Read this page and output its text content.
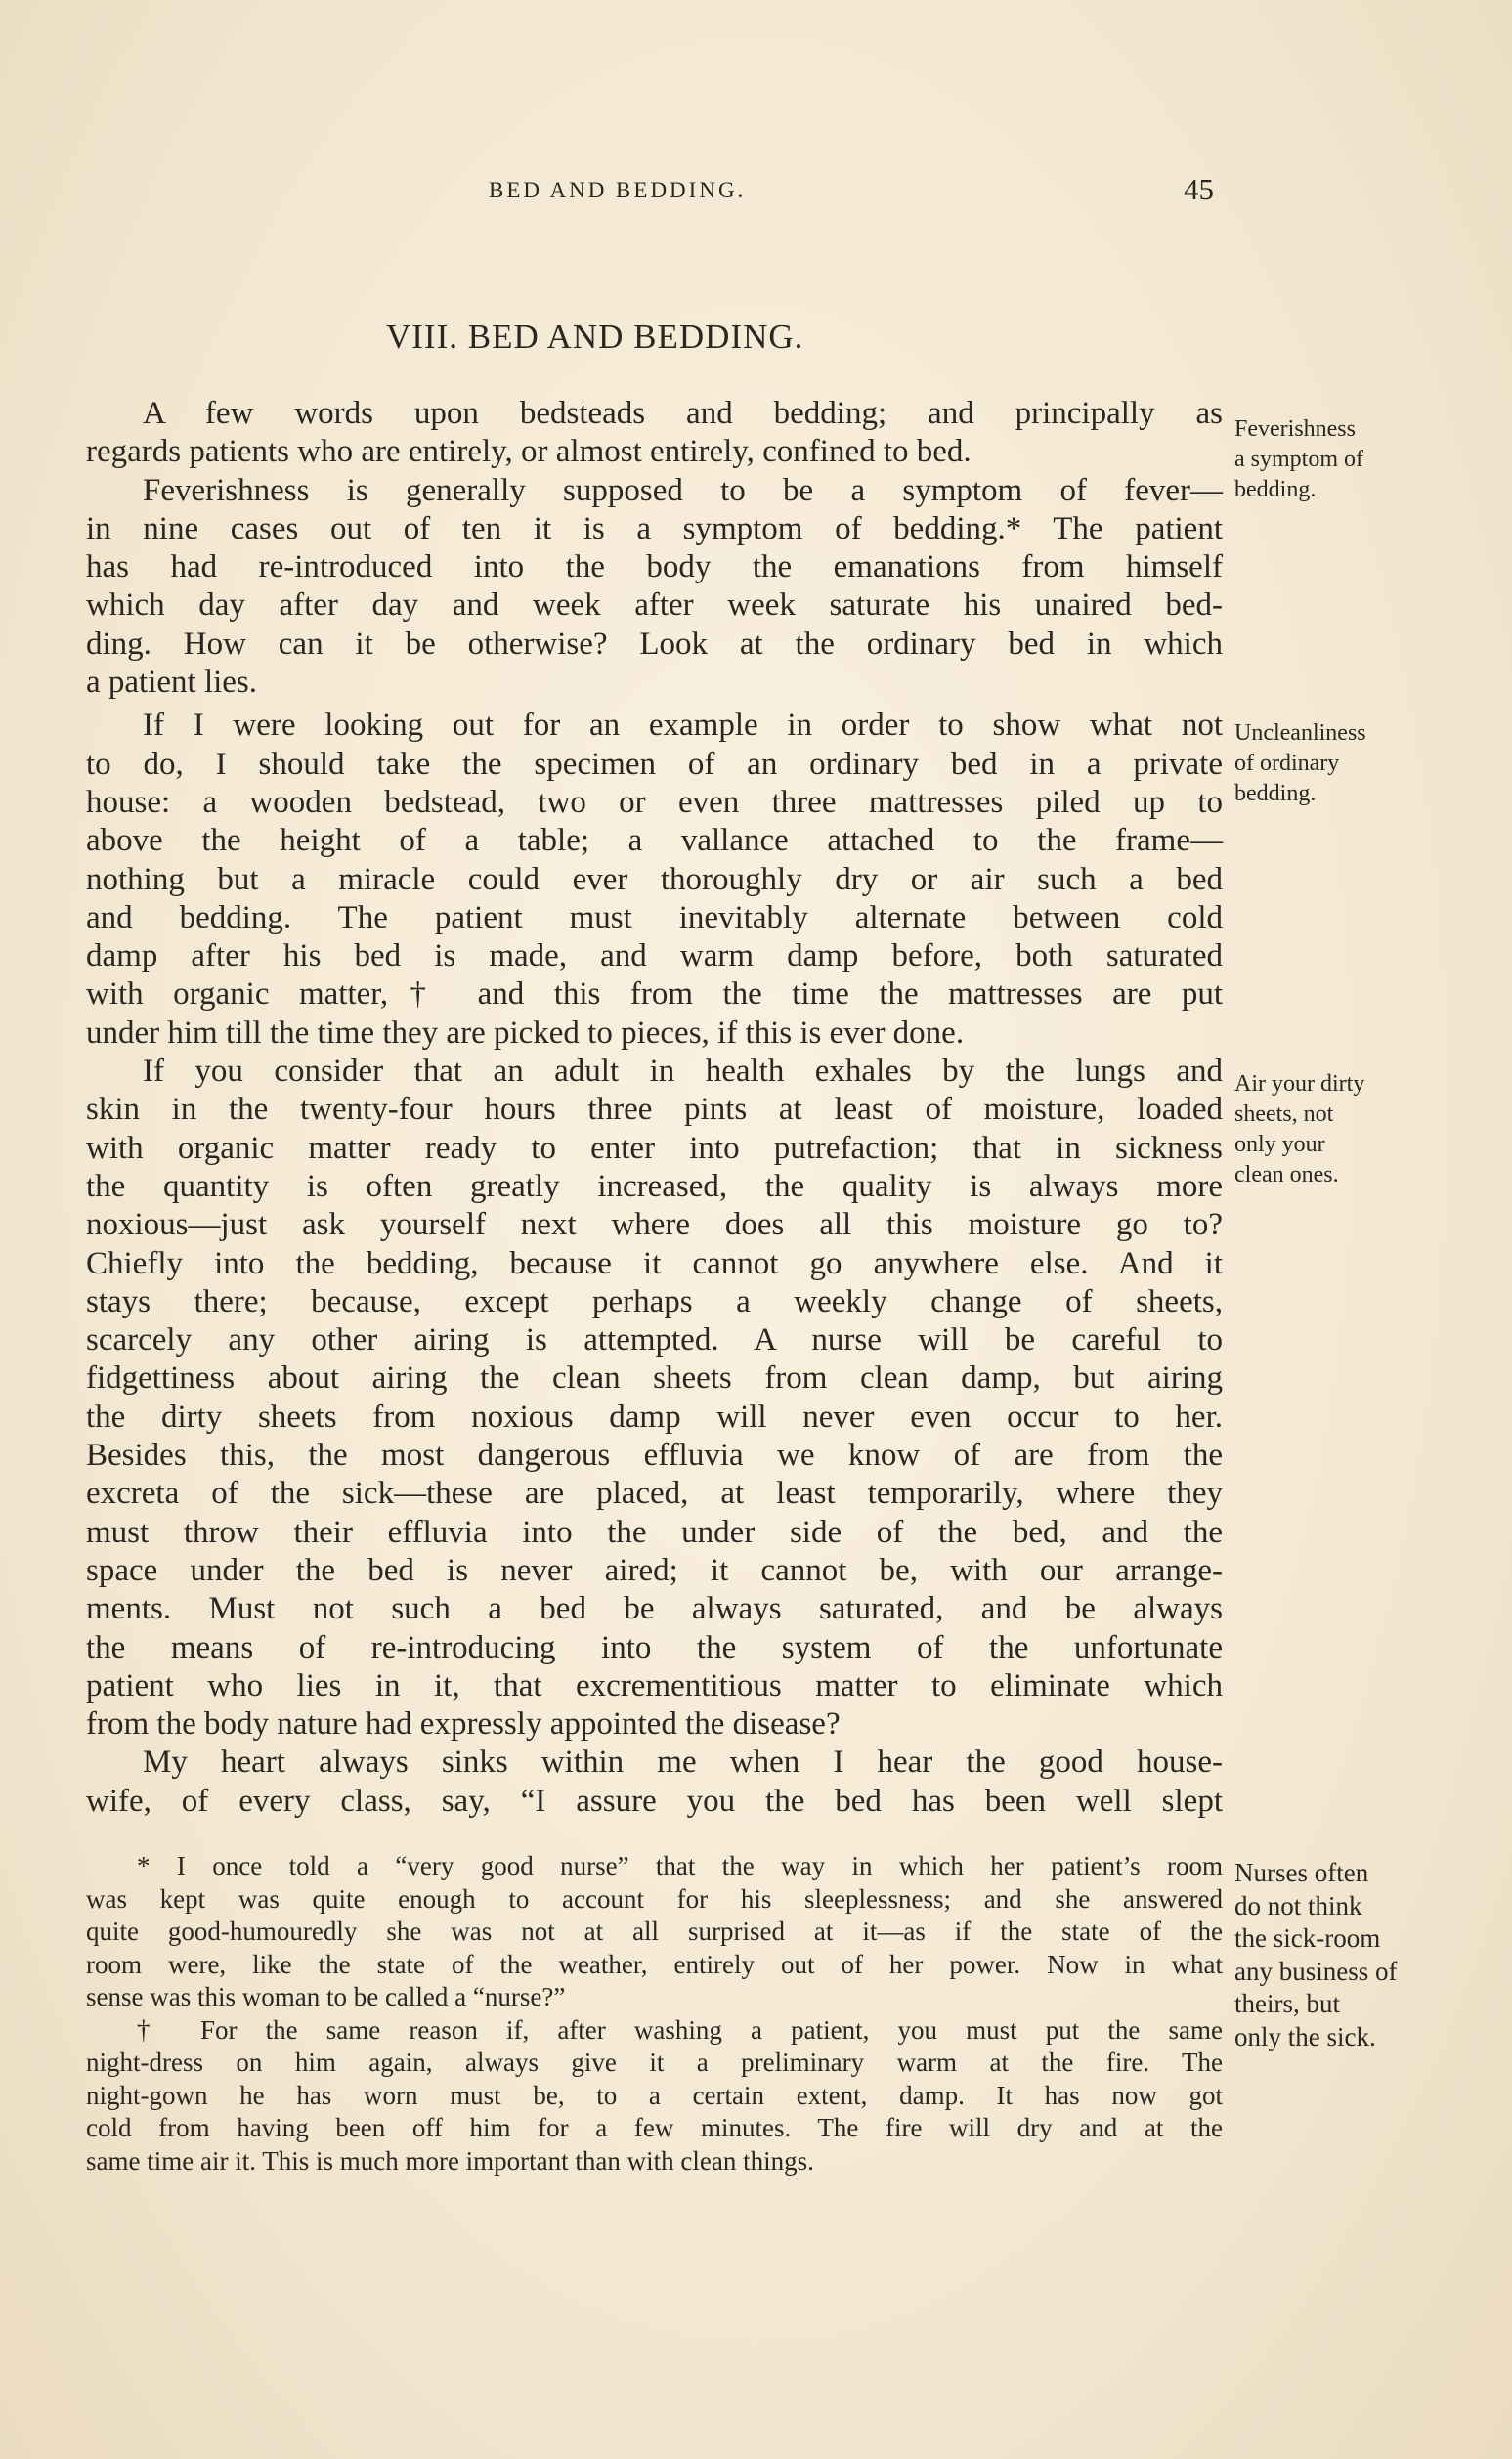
BED AND BEDDING.	45
VIII. BED AND BEDDING.
A few words upon bedsteads and bedding; and principally as
regards patients who are entirely, or almost entirely, confined to bed.
Feverishness is generally supposed to be a symptom of fever—
in nine cases out of ten it is a symptom of bedding.* The patient
has had re-introduced into the body the emanations from himself
which day after day and week after week saturate his unaired bed-
ding. How can it be otherwise? Look at the ordinary bed in which
a patient lies.
If I were looking out for an example in order to show what not
to do, I should take the specimen of an ordinary bed in a private
house: a wooden bedstead, two or even three mattresses piled up to
above the height of a table; a vallance attached to the frame—
nothing but a miracle could ever thoroughly dry or air such a bed
and bedding. The patient must inevitably alternate between cold
damp after his bed is made, and warm damp before, both saturated
with organic matter,† and this from the time the mattresses are put
under him till the time they are picked to pieces, if this is ever done.
If you consider that an adult in health exhales by the lungs and
skin in the twenty-four hours three pints at least of moisture, loaded
with organic matter ready to enter into putrefaction; that in sickness
the quantity is often greatly increased, the quality is always more
noxious—just ask yourself next where does all this moisture go to?
Chiefly into the bedding, because it cannot go anywhere else. And it
stays there; because, except perhaps a weekly change of sheets,
scarcely any other airing is attempted. A nurse will be careful to
fidgettiness about airing the clean sheets from clean damp, but airing
the dirty sheets from noxious damp will never even occur to her.
Besides this, the most dangerous effluvia we know of are from the
excreta of the sick—these are placed, at least temporarily, where they
must throw their effluvia into the under side of the bed, and the
space under the bed is never aired; it cannot be, with our arrange-
ments. Must not such a bed be always saturated, and be always
the means of re-introducing into the system of the unfortunate
patient who lies in it, that excrementitious matter to eliminate which
from the body nature had expressly appointed the disease?
My heart always sinks within me when I hear the good house-
wife, of every class, say, “I assure you the bed has been well slept
Feverishness
a symptom of
bedding.
Uncleanliness
of ordinary
bedding.
Air your dirty
sheets, not
only your
clean ones.
Nurses often
do not think
the sick-room
any business of
theirs, but
only the sick.
* I once told a “very good nurse” that the way in which her patient’s room
was kept was quite enough to account for his sleeplessness; and she answered
quite good-humouredly she was not at all surprised at it—as if the state of the
room were, like the state of the weather, entirely out of her power. Now in what
sense was this woman to be called a “nurse?”
† For the same reason if, after washing a patient, you must put the same
night-dress on him again, always give it a preliminary warm at the fire. The
night-gown he has worn must be, to a certain extent, damp. It has now got
cold from having been off him for a few minutes. The fire will dry and at the
same time air it. This is much more important than with clean things.
